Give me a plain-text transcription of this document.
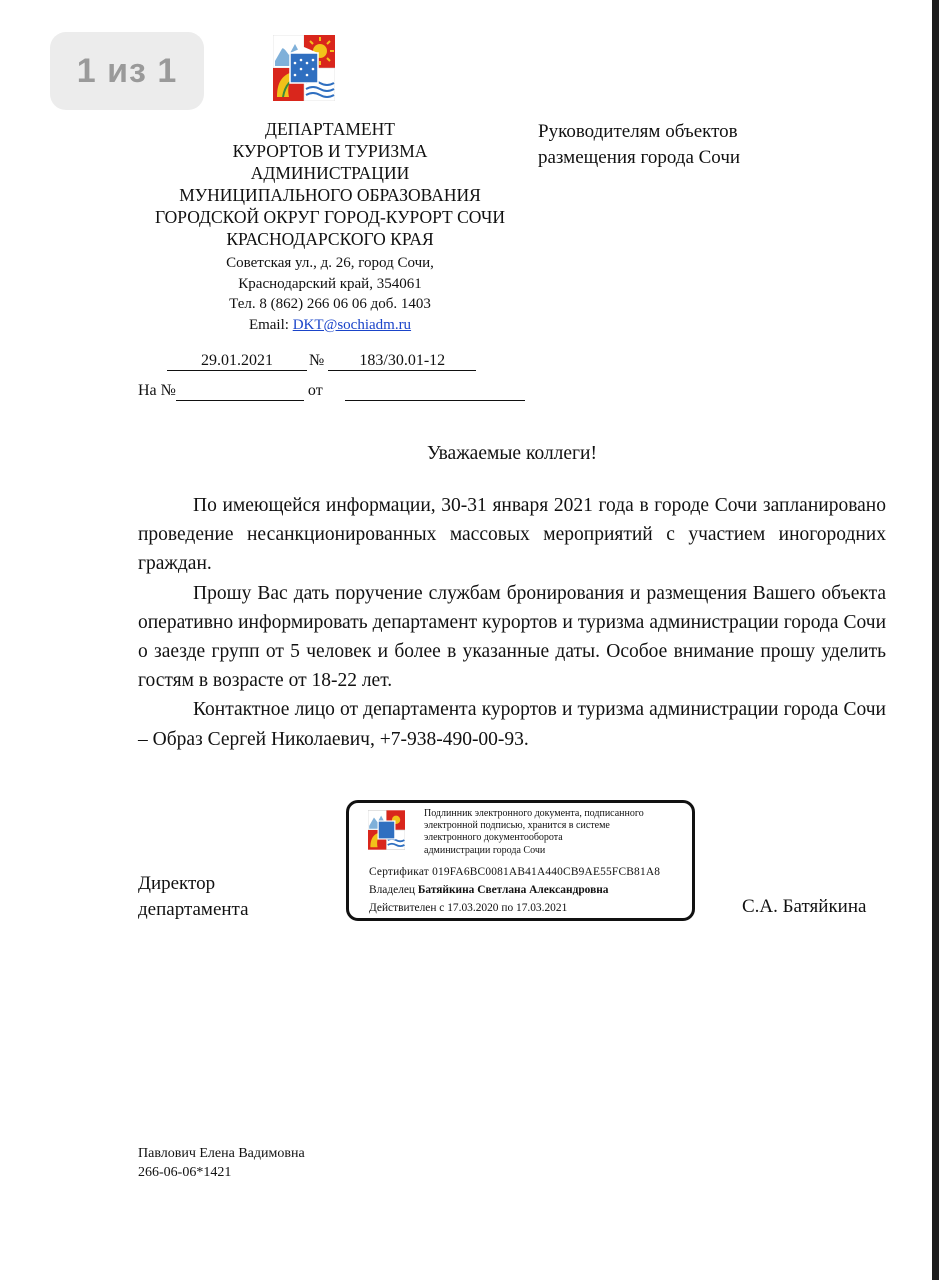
1 из 1
ДЕПАРТАМЕНТ
КУРОРТОВ И ТУРИЗМА
АДМИНИСТРАЦИИ
МУНИЦИПАЛЬНОГО ОБРАЗОВАНИЯ
ГОРОДСКОЙ ОКРУГ ГОРОД-КУРОРТ СОЧИ
КРАСНОДАРСКОГО КРАЯ
Советская ул., д. 26, город Сочи,
Краснодарский край, 354061
Тел. 8 (862) 266 06 06 доб. 1403
Email: DKT@sochiadm.ru
Руководителям объектов
размещения города Сочи
29.01.2021 № 183/30.01-12
На №	от
Уважаемые коллеги!

По имеющейся информации, 30-31 января 2021 года в городе Сочи запланировано проведение несанкционированных массовых мероприятий с участием иногородних граждан.

Прошу Вас дать поручение службам бронирования и размещения Вашего объекта оперативно информировать департамент курортов и туризма администрации города Сочи о заезде групп от 5 человек и более в указанные даты. Особое внимание прошу уделить гостям в возрасте от 18-22 лет.

Контактное лицо от департамента курортов и туризма администрации города Сочи – Образ Сергей Николаевич, +7-938-490-00-93.

Директор
департамента
Подлинник электронного документа, подписанного
электронной подписью, хранится в системе
электронного документооборота
администрации города Сочи
Сертификат 019FA6BC0081AB41A440CB9AE55FCB81A8
Владелец Батяйкина Светлана Александровна
Действителен с 17.03.2020 по 17.03.2021	С.А. Батяйкина
Павлович Елена Вадимовна
266-06-06*1421
